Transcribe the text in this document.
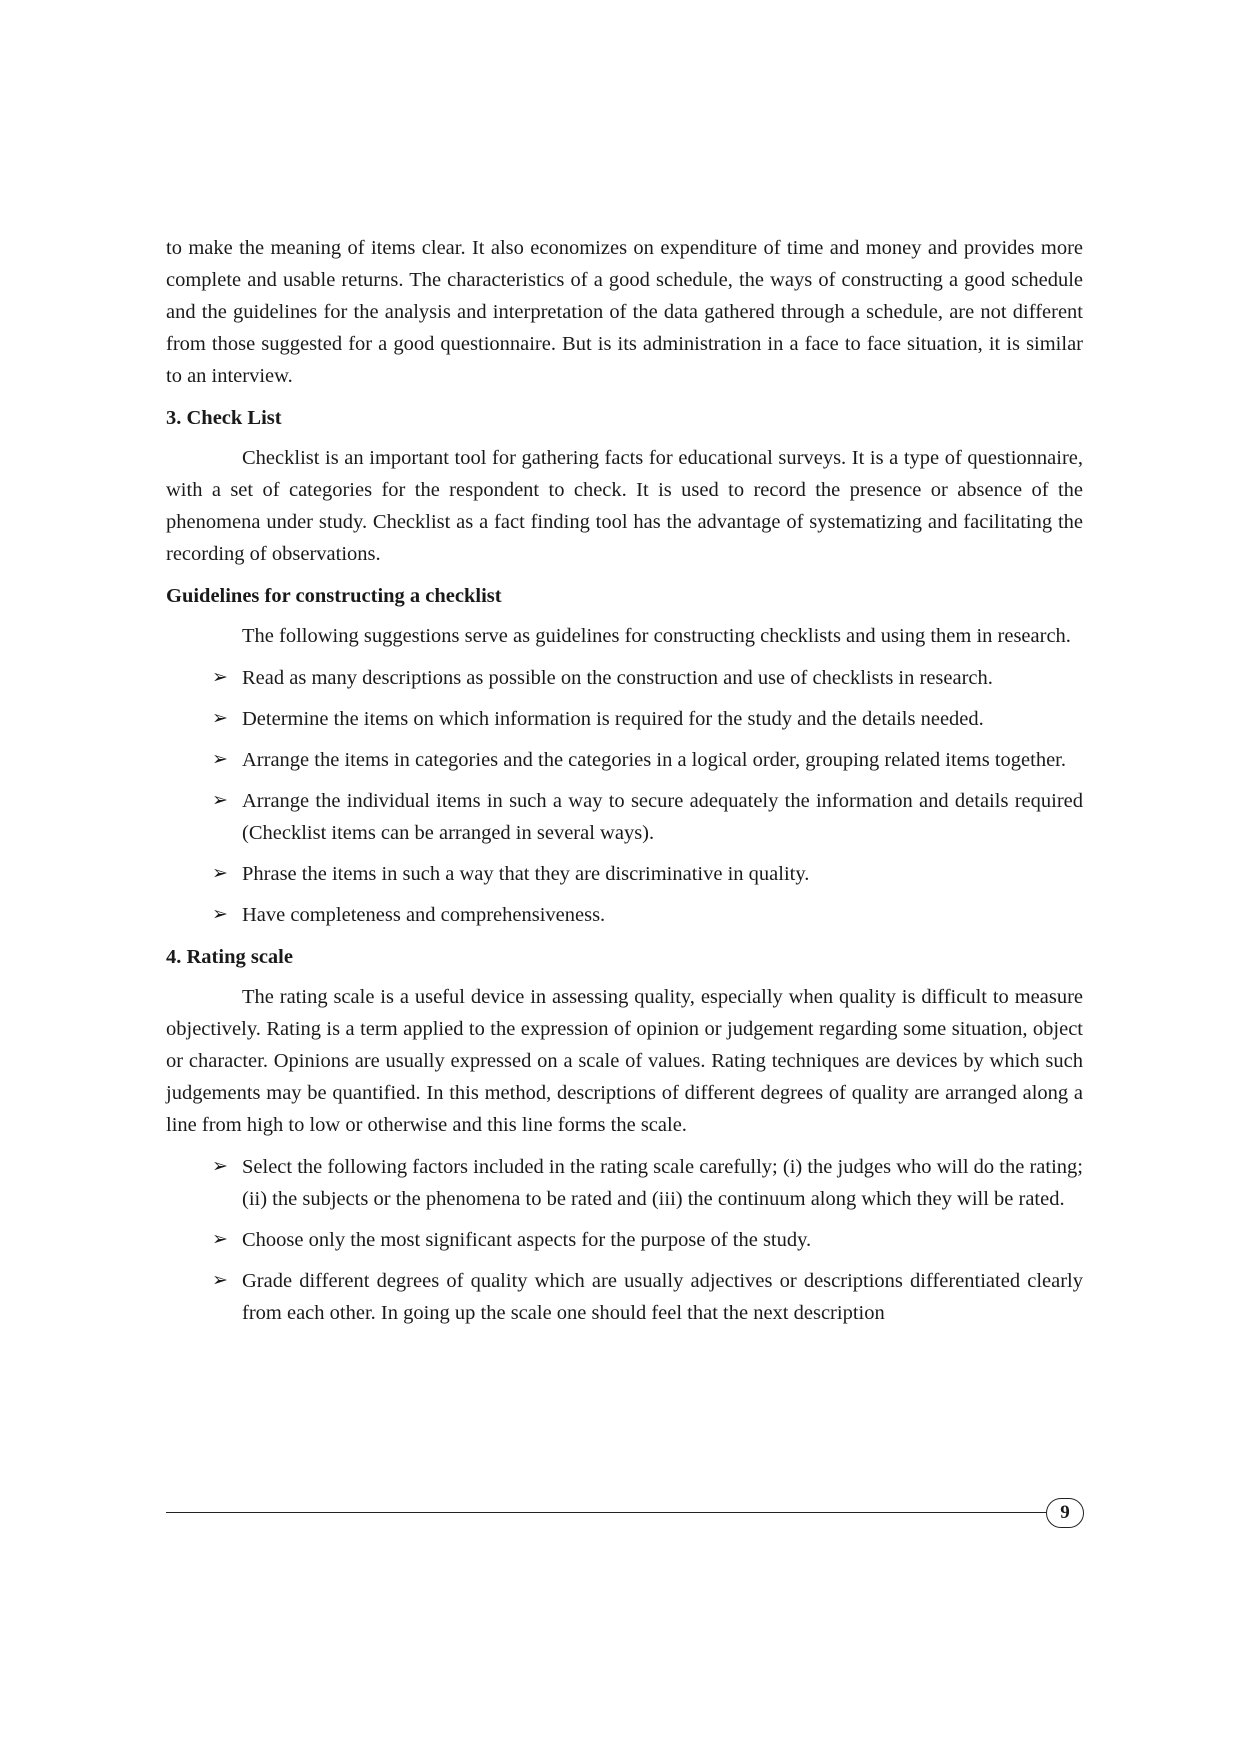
to make the meaning of items clear. It also economizes on expenditure of time and money and provides more complete and usable returns. The characteristics of a good schedule, the ways of constructing a good schedule and the guidelines for the analysis and interpretation of the data gathered through a schedule, are not different from those suggested for a good questionnaire. But is its administration in a face to face situation, it is similar to an interview.

3. Check List

Checklist is an important tool for gathering facts for educational surveys. It is a type of questionnaire, with a set of categories for the respondent to check. It is used to record the presence or absence of the phenomena under study. Checklist as a fact finding tool has the advantage of systematizing and facilitating the recording of observations.

Guidelines for constructing a checklist

The following suggestions serve as guidelines for constructing checklists and using them in research.

➢ Read as many descriptions as possible on the construction and use of checklists in research.
➢ Determine the items on which information is required for the study and the details needed.
➢ Arrange the items in categories and the categories in a logical order, grouping related items together.
➢ Arrange the individual items in such a way to secure adequately the information and details required (Checklist items can be arranged in several ways).
➢ Phrase the items in such a way that they are discriminative in quality.
➢ Have completeness and comprehensiveness.
4. Rating scale

The rating scale is a useful device in assessing quality, especially when quality is difficult to measure objectively. Rating is a term applied to the expression of opinion or judgement regarding some situation, object or character. Opinions are usually expressed on a scale of values. Rating techniques are devices by which such judgements may be quantified. In this method, descriptions of different degrees of quality are arranged along a line from high to low or otherwise and this line forms the scale.

➢ Select the following factors included in the rating scale carefully; (i) the judges who will do the rating; (ii) the subjects or the phenomena to be rated and (iii) the continuum along which they will be rated.
➢ Choose only the most significant aspects for the purpose of the study.
➢ Grade different degrees of quality which are usually adjectives or descriptions differentiated clearly from each other. In going up the scale one should feel that the next description
9
